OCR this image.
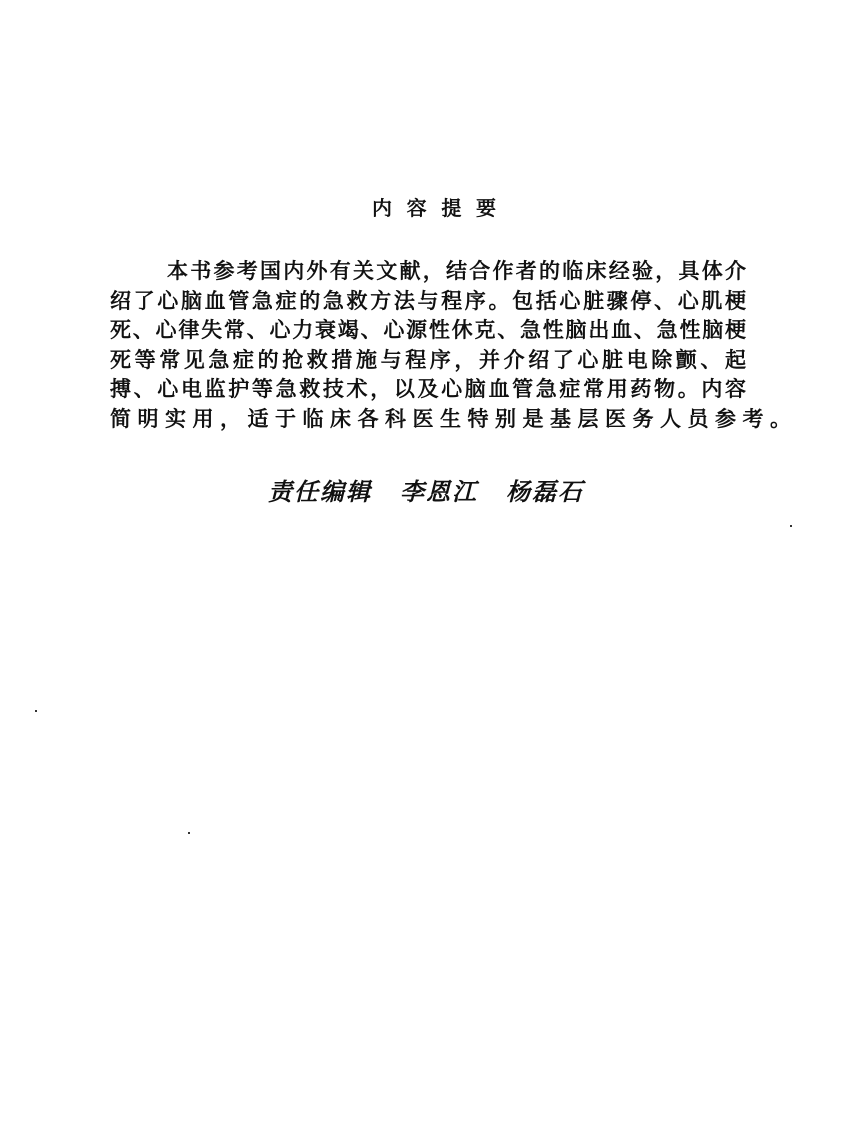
内 容 提 要
本书参考国内外有关文献，结合作者的临床经验，具体介
绍了心脑血管急症的急救方法与程序。包括心脏骤停、心肌梗
死、心律失常、心力衰竭、心源性休克、急性脑出血、急性脑梗
死等常见急症的抢救措施与程序，并介绍了心脏电除颤、起
搏、心电监护等急救技术，以及心脑血管急症常用药物。内容
简明实用，适于临床各科医生特别是基层医务人员参考。
责任编辑 李恩江 杨磊石
